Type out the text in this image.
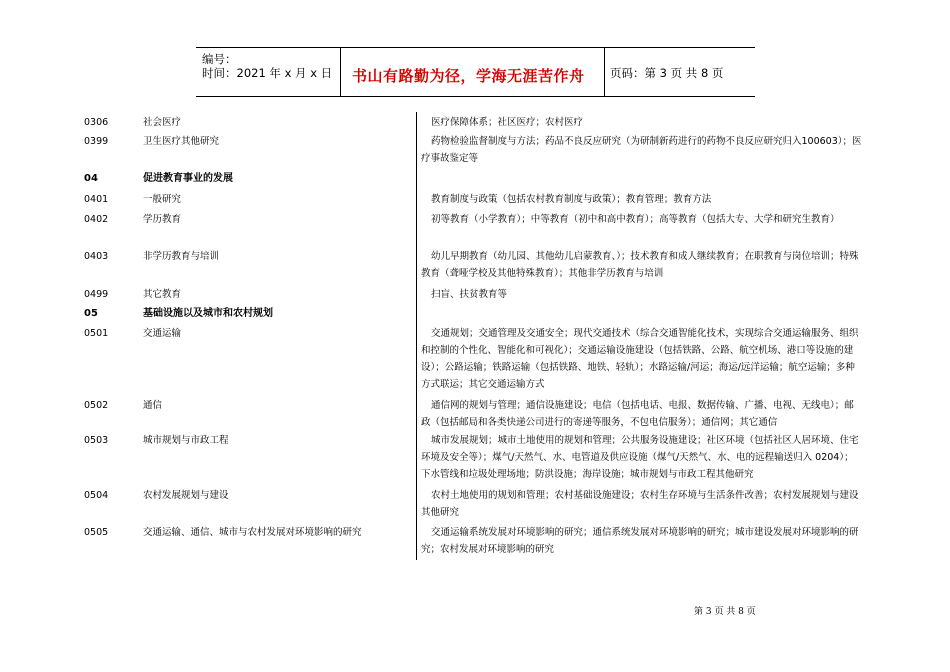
编号：
时间：2021 年 x 月 x 日 书山有路勤为径，学海无涯苦作舟 页码：第 3 页 共 8 页
0306	社会医疗	医疗保障体系；社区医疗；农村医疗
0399	卫生医疗其他研究	药物检验监督制度与方法；药品不良反应研究（为研制新药进行的药物不良反应研究归入100603）；医疗事故鉴定等
04	促进教育事业的发展
0401	一般研究	教育制度与政策（包括农村教育制度与政策）；教育管理；教育方法
0402	学历教育	初等教育（小学教育）；中等教育（初中和高中教育）；高等教育（包括大专、大学和研究生教育）
0403	非学历教育与培训	幼儿早期教育（幼儿园、其他幼儿启蒙教育、）；技术教育和成人继续教育；在职教育与岗位培训；特殊教育（聋哑学校及其他特殊教育）；其他非学历教育与培训
0499	其它教育	扫盲、扶贫教育等
05	基础设施以及城市和农村规划
0501	交通运输	交通规划；交通管理及交通安全；现代交通技术（综合交通智能化技术，实现综合交通运输服务、组织和控制的个性化、智能化和可视化）；交通运输设施建设（包括铁路、公路、航空机场、港口等设施的建设）；公路运输；铁路运输（包括铁路、地铁、轻轨）；水路运输/河运；海运/远洋运输；航空运输；多种方式联运；其它交通运输方式
0502	通信	通信网的规划与管理；通信设施建设；电信（包括电话、电报、数据传输、广播、电视、无线电）；邮政（包括邮局和各类快递公司进行的寄递等服务，不包电信服务）；通信网；其它通信
0503	城市规划与市政工程	城市发展规划；城市土地使用的规划和管理；公共服务设施建设；社区环境（包括社区人居环境、住宅环境及安全等）；煤气/天然气、水、电管道及供应设施（煤气/天然气、水、电的远程输送归入 0204）；下水管线和垃圾处理场地；防洪设施；海岸设施；城市规划与市政工程其他研究
0504	农村发展规划与建设	农村土地使用的规划和管理；农村基础设施建设；农村生存环境与生活条件改善；农村发展规划与建设其他研究
0505	交通运输、通信、城市与农村发展对环境影响的研究	交通运输系统发展对环境影响的研究；通信系统发展对环境影响的研究；城市建设发展对环境影响的研究；农村发展对环境影响的研究
第 3 页 共 8 页
